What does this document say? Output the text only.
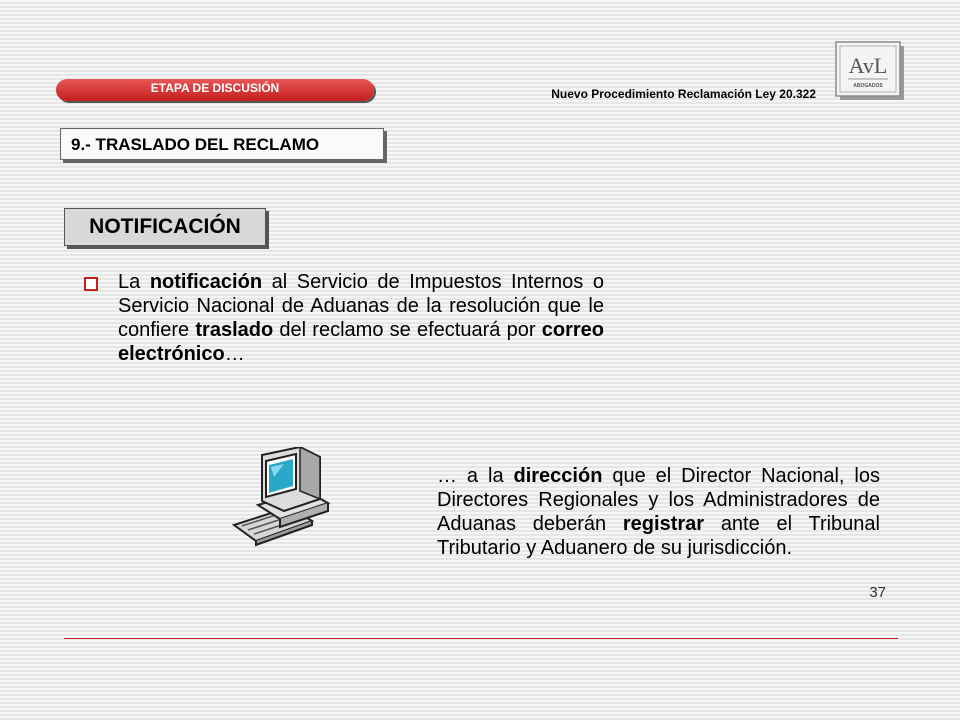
ETAPA DE DISCUSIÓN	Nuevo Procedimiento Reclamación Ley 20.322
AvL
ABOGADOS
9.- TRASLADO DEL RECLAMO
NOTIFICACIÓN
La notificación al Servicio de Impuestos Internos o Servicio Nacional de Aduanas de la resolución que le confiere traslado del reclamo se efectuará por correo electrónico…
… a la dirección que el Director Nacional, los Directores Regionales y los Administradores de Aduanas deberán registrar ante el Tribunal Tributario y Aduanero de su jurisdicción.
37
